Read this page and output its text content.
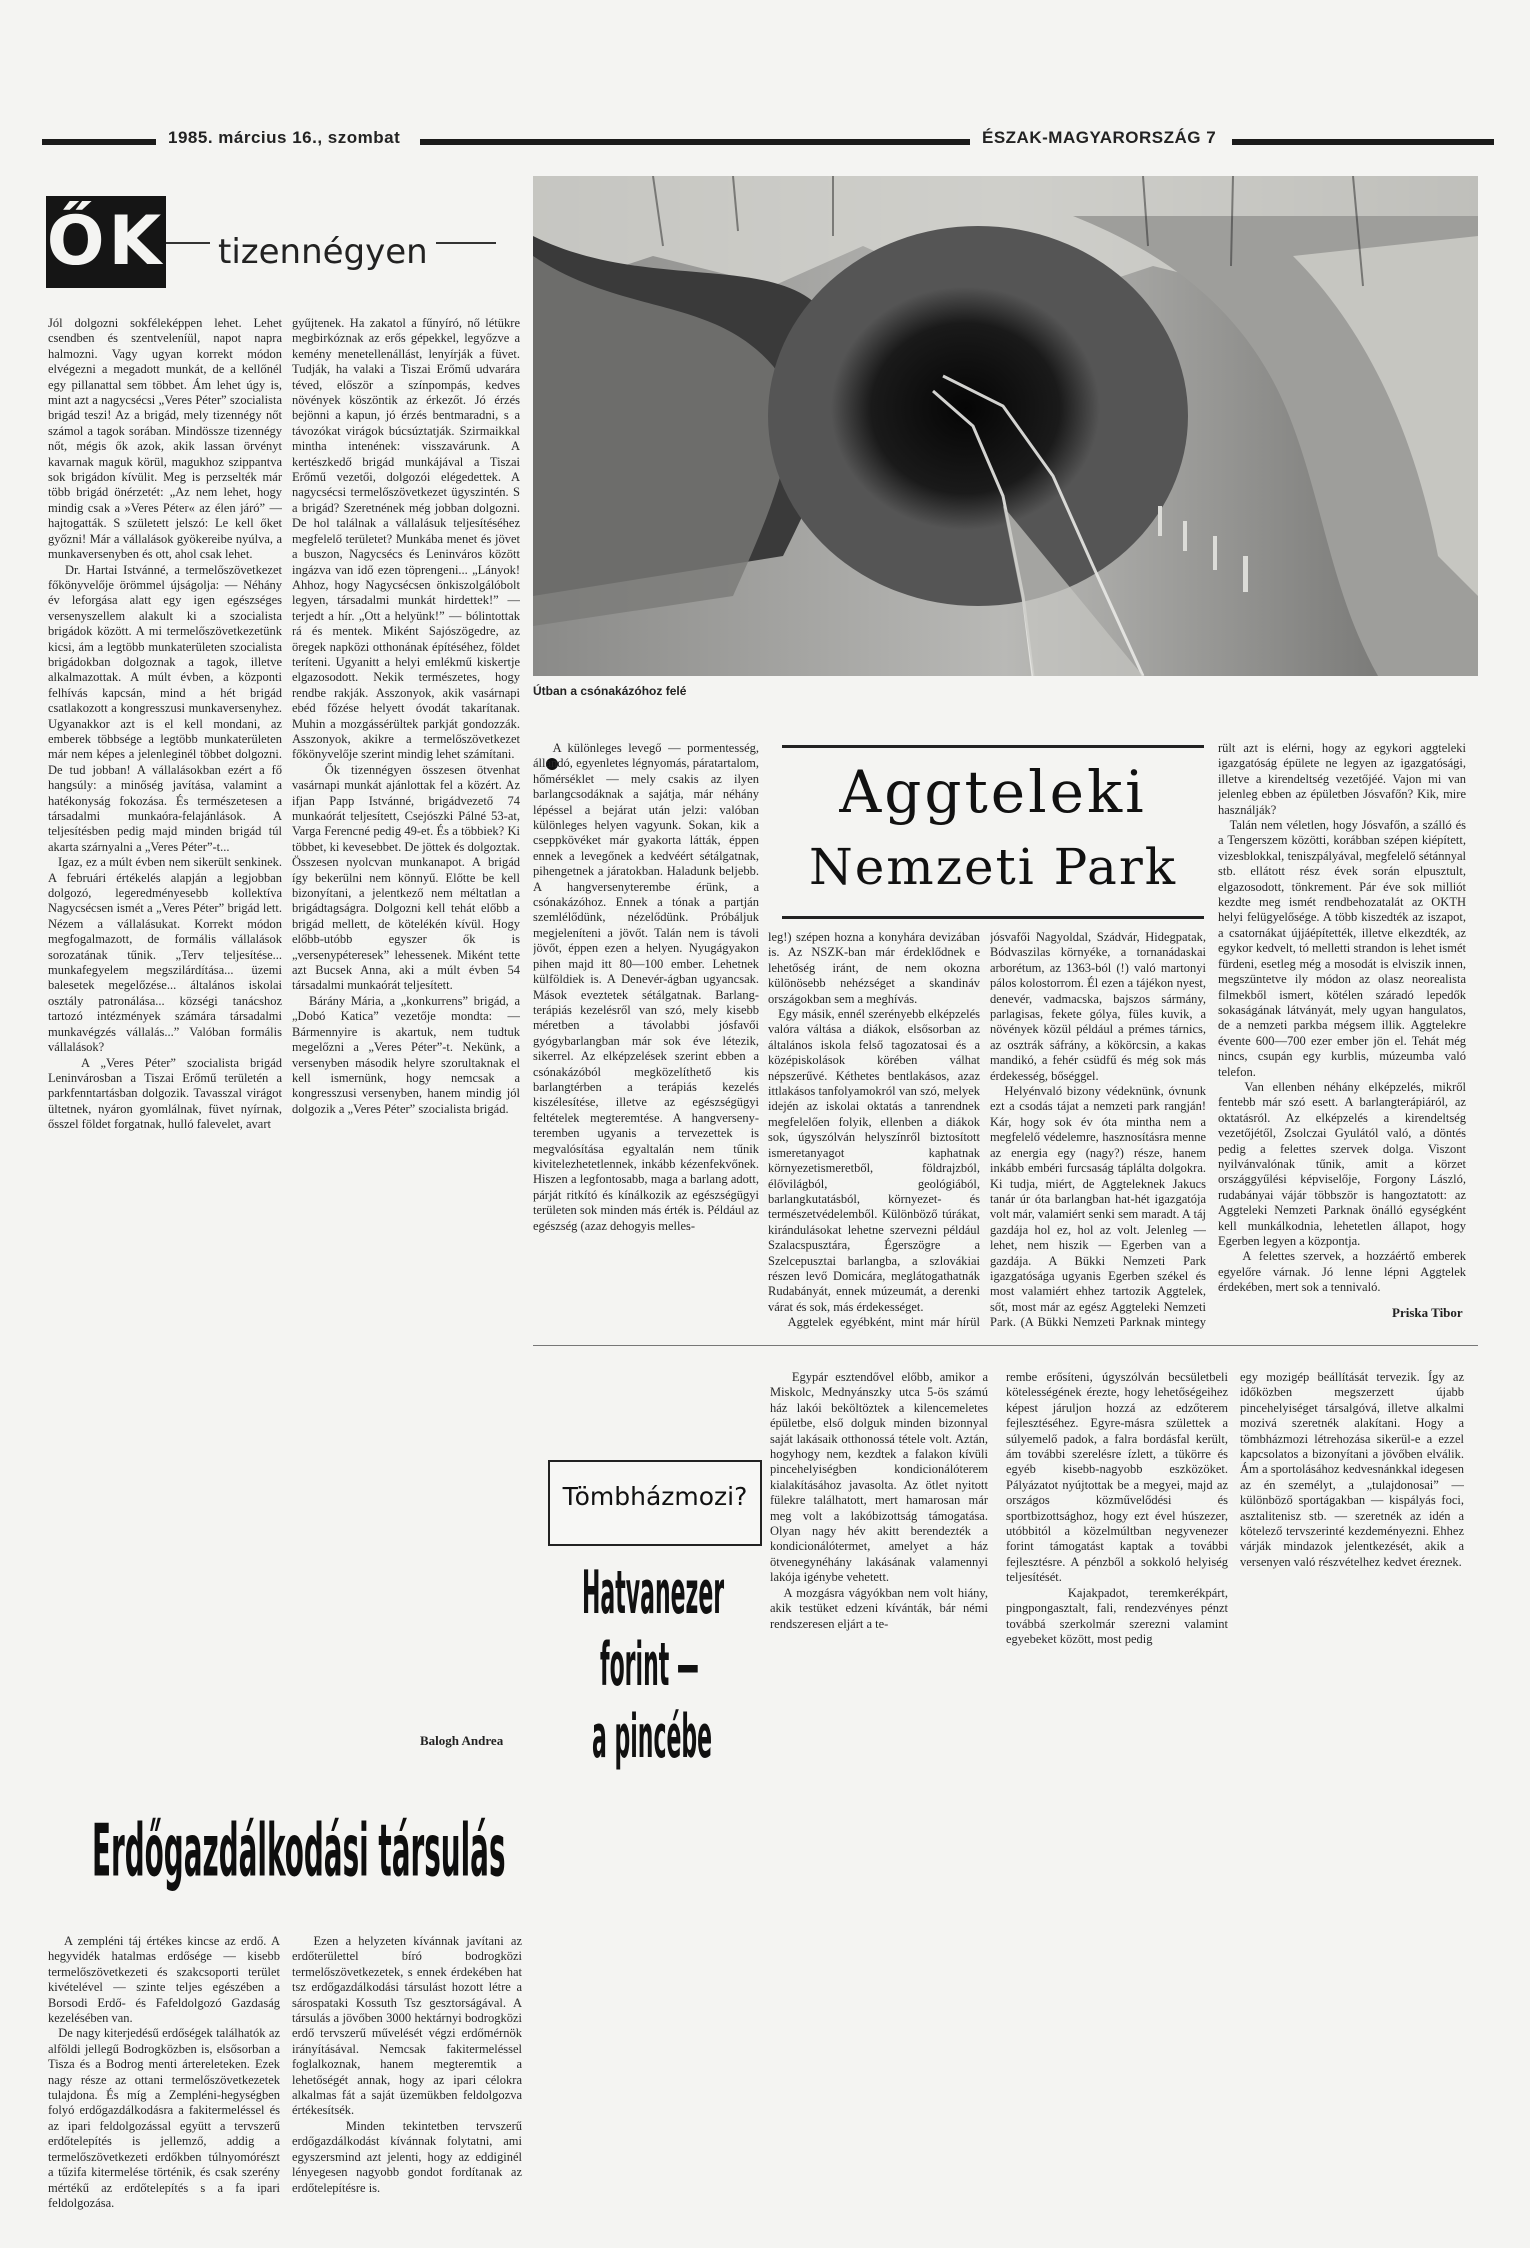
1985. március 16., szombat	ÉSZAK-MAGYARORSZÁG 7
ŐK tizennégyen
Jól dolgozni sokféleképpen lehet. Lehet csendben és szentveleníül, napot napra halmozni. Vagy ugyan korrekt módon elvégezni a megadott munkát, de a kellőnél egy pillanattal sem többet. Ám lehet úgy is, mint azt a nagycsécsi „Veres Péter” szocialista brigád teszi! Az a brigád, mely tizennégy nőt számol a tagok sorában. Mindössze tizennégy nőt, mégis ők azok, akik lassan örvényt kavarnak maguk körül, magukhoz szippantva sok brigádon kívülit. Meg is perzselték már több brigád önérzetét: „Az nem lehet, hogy mindig csak a »Veres Péter« az élen járó” — hajtogatták. S született jelszó: Le kell őket győzni! Már a vállalások gyökereibe nyúlva, a munkaversenyben és ott, ahol csak lehet.
Dr. Hartai Istvánné, a termelőszövetkezet főkönyvelője örömmel újságolja: — Néhány év leforgása alatt egy igen egészséges versenyszellem alakult ki a szocialista brigádok között. A mi termelőszövetkezetünk kicsi, ám a legtöbb munkaterületen szocialista brigádokban dolgoznak a tagok, illetve alkalmazottak. A múlt évben, a központi felhívás kapcsán, mind a hét brigád csatlakozott a kongresszusi munkaversenyhez. Ugyanakkor azt is el kell mondani, az emberek többsége a legtöbb munkaterületen már nem képes a jelenleginél többet dolgozni. De tud jobban! A vállalásokban ezért a fő hangsúly: a minőség javítása, valamint a hatékonyság fokozása. És természetesen a társadalmi munkaóra-felajánlások. A teljesítésben pedig majd minden brigád túl akarta szárnyalni a „Veres Péter”-t...
Igaz, ez a múlt évben nem sikerült senkinek. A februári értékelés alapján a legjobban dolgozó, legeredményesebb kollektíva Nagycsécsen ismét a „Veres Péter” brigád lett. Nézem a vállalásukat. Korrekt módon megfogalmazott, de formális vállalások sorozatának tűnik. „Terv teljesítése... munkafegyelem megszilárdítása... üzemi balesetek megelőzése... általános iskolai osztály patronálása... községi tanácshoz tartozó intézmények számára társadalmi munkavégzés vállalás...” Valóban formális vállalások?
A „Veres Péter” szocialista brigád Leninvárosban a Tiszai Erőmű területén a parkfenntartásban dolgozik. Tavasszal virágot ültetnek, nyáron gyomlálnak, füvet nyírnak, ősszel földet forgatnak, hulló falevelet, avart
gyűjtenek. Ha zakatol a fűnyíró, nő létükre megbirkóznak az erős gépekkel, legyőzve a kemény menetellenállást, lenyírják a füvet. Tudják, ha valaki a Tiszai Erőmű udvarára téved, először a színpompás, kedves növények köszöntik az érkezőt. Jó érzés bejönni a kapun, jó érzés bentmaradni, s a távozókat virágok búcsúztatják. Szirmaikkal mintha intenének: visszavárunk. A kertészkedő brigád munkájával a Tiszai Erőmű vezetői, dolgozói elégedettek. A nagycsécsi termelőszövetkezet ügyszintén. S a brigád? Szeretnének még jobban dolgozni. De hol találnak a vállalásuk teljesítéséhez megfelelő területet? Munkába menet és jövet a buszon, Nagycsécs és Leninváros között ingázva van idő ezen töprengeni... „Lányok! Ahhoz, hogy Nagycsécsen önkiszolgálóbolt legyen, társadalmi munkát hirdettek!” — terjedt a hír. „Ott a helyünk!” — bólintottak rá és mentek. Miként Sajószögedre, az öregek napközi otthonának építéséhez, földet teríteni. Ugyanitt a helyi emlékmű kiskertje elgazosodott. Nekik természetes, hogy rendbe rakják. Asszonyok, akik vasárnapi ebéd főzése helyett óvodát takarítanak. Muhin a mozgássérültek parkját gondozzák. Asszonyok, akikre a termelőszövetkezet főkönyvelője szerint mindig lehet számítani.
Ők tizennégyen összesen ötvenhat vasárnapi munkát ajánlottak fel a közért. Az ifjan Papp Istvánné, brigádvezető 74 munkaórát teljesített, Csejószki Pálné 53-at, Varga Ferencné pedig 49-et. És a többiek? Ki többet, ki kevesebbet. De jöttek és dolgoztak. Összesen nyolcvan munkanapot. A brigád így bekerülni nem könnyű. Előtte be kell bizonyítani, a jelentkező nem méltatlan a brigádtagságra. Dolgozni kell tehát előbb a brigád mellett, de kötelékén kívül. Hogy előbb-utóbb egyszer ők is „versenypéteresek” lehessenek. Miként tette azt Bucsek Anna, aki a múlt évben 54 társadalmi munkaórát teljesített.
Bárány Mária, a „konkurrens” brigád, a „Dobó Katica” vezetője mondta: — Bármennyire is akartuk, nem tudtuk megelőzni a „Veres Péter”-t. Nekünk, a versenyben második helyre szorultaknak el kell ismernünk, hogy nemcsak a kongresszusi versenyben, hanem mindig jól dolgozik a „Veres Péter” szocialista brigád.
Balogh Andrea
Útban a csónakázóhoz felé
A különleges levegő — pormentesség, állandó, egyenletes légnyomás, páratartalom, hőmérséklet — mely csakis az ilyen barlangcsodáknak a sajátja, már néhány lépéssel a bejárat után jelzi: valóban különleges helyen vagyunk. Sokan, kik a cseppkövéket már gyakorta látták, éppen ennek a levegőnek a kedvéért sétálgatnak, pihengetnek a járatokban. Haladunk beljebb. A hangversenyterembe érünk, a csónakázóhoz. Ennek a tónak a partján szemlélődünk, nézelődünk. Próbáljuk megjeleníteni a jövőt. Talán nem is távoli jövőt, éppen ezen a helyen. Nyugágyakon pihen majd itt 80—100 ember. Lehetnek külföldiek is. A Denevér-ágban ugyancsak. Mások eveztetek sétálgatnak. Barlang-terápiás kezelésről van szó, mely kisebb méretben a távolabbi jósfavői gyógybarlangban már sok éve létezik, sikerrel. Az elképzelések szerint ebben a csónakázóból megközelíthető kis barlangtérben a terápiás kezelés kiszélesítése, illetve az egészségügyi feltételek megteremtése. A hangverseny-teremben ugyanis a tervezettek is megvalósítása egyaltalán nem tűnik kivitelezhetetlennek, inkább kézenfekvőnek. Hiszen a legfontosabb, maga a barlang adott, párját ritkító és kínálkozik az egészségügyi területen sok minden más érték is. Például az egészség (azaz dehogyis melles-
Aggteleki
Nemzeti Park
leg!) szépen hozna a konyhára devizában is. Az NSZK-ban már érdeklődnek e lehetőség iránt, de nem okozna különösebb nehézséget a skandináv országokban sem a meghívás.
Egy másik, ennél szerényebb elképzelés valóra váltása a diákok, elsősorban az általános iskola felső tagozatosai és a középiskolások körében válhat népszerűvé. Kéthetes bentlakásos, azaz ittlakásos tanfolyamokról van szó, melyek idején az iskolai oktatás a tanrendnek megfelelően folyik, ellenben a diákok sok, úgyszólván helyszínről biztosított ismeretanyagot kaphatnak környezetismeretből, földrajzból, élővilágból, geológiából, barlangkutatásból, környezet- és természetvédelemből. Különböző túrákat, kirándulásokat lehetne szervezni például Szalacspusztára, Égerszögre a Szelcepusztai barlangba, a szlovákiai részen levő Domicára, meglátogathatnák Rudabányát, ennek múzeumát, a derenki várat és sok, más érdekességet.
Aggtelek egyébként, mint már hírül
jósvafői Nagyoldal, Szádvár, Hidegpatak, Bódvaszilas környéke, a tornanádaskai arborétum, az 1363-ból (!) való martonyi pálos kolostorrom. Él ezen a tájékon nyest, denevér, vadmacska, bajszos sármány, parlagisas, fekete gólya, füles kuvik, a növények közül például a prémes tárnics, az osztrák sáfrány, a kökörcsin, a kakas mandikó, a fehér csüdfű és még sok más érdekesség, bőséggel.
Helyénvaló bizony védeknünk, óvnunk ezt a csodás tájat a nemzeti park rangján! Kár, hogy sok év óta mintha nem a megfelelő védelemre, hasznosításra menne az energia egy (nagy?) része, hanem inkább embéri furcsaság táplálta dolgokra. Ki tudja, miért, de Aggteleknek Jakucs tanár úr óta barlangban hat-hét igazgatója volt már, valamiért senki sem maradt. A táj gazdája hol ez, hol az volt. Jelenleg — lehet, nem hiszik — Egerben van a gazdája. A Bükki Nemzeti Park igazgatósága ugyanis Egerben székel és most valamiért ehhez tartozik Aggtelek, sőt, most már az egész Aggteleki Nemzeti Park. (A Bükki Nemzeti Parknak mintegy
rült azt is elérni, hogy az egykori aggteleki igazgatóság épülete ne legyen az igazgatósági, illetve a kirendeltség vezetőjéé. Vajon mi van jelenleg ebben az épületben Jósvafőn? Kik, mire használják?
Talán nem véletlen, hogy Jósvafőn, a szálló és a Tengerszem közötti, korábban szépen kiépített, vizesblokkal, teniszpályával, megfelelő sétánnyal stb. ellátott rész évek során elpusztult, elgazosodott, tönkrement. Pár éve sok milliót kezdte meg ismét rendbehozatalát az OKTH helyi felügyelősége. A több kiszedték az iszapot, a csatornákat újjáépítették, illetve elkezdték, az egykor kedvelt, tó melletti strandon is lehet ismét fürdeni, esetleg még a mosodát is elviszik innen, megszüntetve ily módon az olasz neorealista filmekből ismert, kötélen száradó lepedők sokaságának látványát, mely ugyan hangulatos, de a nemzeti parkba mégsem illik. Aggtelekre évente 600—700 ezer ember jön el. Tehát még nincs, csupán egy kurblis, múzeumba való telefon.
Van ellenben néhány elképzelés, mikről fentebb már szó esett. A barlangterápiáról, az oktatásról. Az elképzelés a kirendeltség vezetőjétől, Zsolczai Gyulától való, a döntés pedig a felettes szervek dolga. Viszont nyilvánvalónak tűnik, amit a körzet országgyűlési képviselője, Forgony László, rudabányai vájár többször is hangoztatott: az Aggteleki Nemzeti Parknak önálló egységként kell munkálkodnia, lehetetlen állapot, hogy Egerben legyen a központja.
A felettes szervek, a hozzáértő emberek egyelőre várnak. Jó lenne lépni Aggtelek érdekében, mert sok a tennivaló.
Priska Tibor
Erdőgazdálkodási társulás
A zempléni táj értékes kincse az erdő. A hegyvidék hatalmas erdősége — kisebb termelőszövetkezeti és szakcsoporti terület kivételével — szinte teljes egészében a Borsodi Erdő- és Fafeldolgozó Gazdaság kezelésében van.
De nagy kiterjedésű erdőségek találhatók az alföldi jellegű Bodrogközben is, elsősorban a Tisza és a Bodrog menti ártereleteken. Ezek nagy része az ottani termelőszövetkezetek tulajdona. És míg a Zempléni-hegységben folyó erdőgazdálkodásra a fakitermeléssel és az ipari feldolgozással együtt a tervszerű erdőtelepítés is jellemző, addig a termelőszövetkezeti erdőkben túlnyomórészt a tűzifa kitermelése történik, és csak szerény mértékű az erdőtelepítés s a fa ipari feldolgozása.
Ezen a helyzeten kívánnak javítani az erdőterülettel bíró bodrogközi termelőszövetkezetek, s ennek érdekében hat tsz erdőgazdálkodási társulást hozott létre a sárospataki Kossuth Tsz gesztorságával. A társulás a jövőben 3000 hektárnyi bodrogközi erdő tervszerű művelését végzi erdőmérnök irányításával. Nemcsak fakitermeléssel foglalkoznak, hanem megteremtik a lehetőségét annak, hogy az ipari célokra alkalmas fát a saját üzemükben feldolgozva értékesítsék.
Minden tekintetben tervszerű erdőgazdálkodást kívánnak folytatni, ami egyszersmind azt jelenti, hogy az eddiginél lényegesen nagyobb gondot fordítanak az erdőtelepítésre is.
Tömbházmozi?
Hatvanezer
forint —
a pincébe
Egypár esztendővel előbb, amikor a Miskolc, Mednyánszky utca 5-ös számú ház lakói beköltöztek a kilencemeletes épületbe, első dolguk minden bizonnyal saját lakásaik otthonossá tétele volt. Aztán, hogyhogy nem, kezdtek a falakon kívüli pincehelyiségben kondicionálóterem kialakításához javasolta. Az ötlet nyitott fülekre találhatott, mert hamarosan már meg volt a lakóbizottság támogatása. Olyan nagy hév akitt berendezték a kondicionálótermet, amelyet a ház ötvenegynéhány lakásának valamennyi lakója igénybe vehetett.
A mozgásra vágyókban nem volt hiány, akik testüket edzeni kívánták, bár némi rendszeresen eljárt a te-
rembe erősíteni, úgyszólván becsületbeli kötelességének érezte, hogy lehetőségeihez képest járuljon hozzá az edzőterem fejlesztéséhez. Egyre-másra születtek a súlyemelő padok, a falra bordásfal került, ám további szerelésre ízlett, a tükörre és egyéb kisebb-nagyobb eszközöket. Pályázatot nyújtottak be a megyei, majd az országos közművelődési és sportbizottsághoz, hogy ezt ével húszezer, utóbbitól a közelmúltban negyvenezer forint támogatást kaptak a további fejlesztésre. A pénzből a sokkoló helyiség teljesítését.
Kajakpadot, teremkerékpárt, pingpongasztalt, fali, rendezvényes pénzt továbbá szerkolmár szerezni valamint egyebeket között, most pedig
egy mozigép beállítását tervezik. Így az időközben megszerzett újabb pincehelyiséget társalgóvá, illetve alkalmi mozivá szeretnék alakítani. Hogy a tömbházmozi létrehozása sikerül-e a ezzel kapcsolatos a bizonyítani a jövőben elválik. Ám a sportolásához kedvesnánkkal idegesen az én személyt, a „tulajdonosai” — különböző sportágakban — kispályás foci, asztalitenisz stb. — szeretnék az idén a kötelező tervszerinté kezdeményezni. Ehhez várják mindazok jelentkezését, akik a versenyen való részvételhez kedvet éreznek.
